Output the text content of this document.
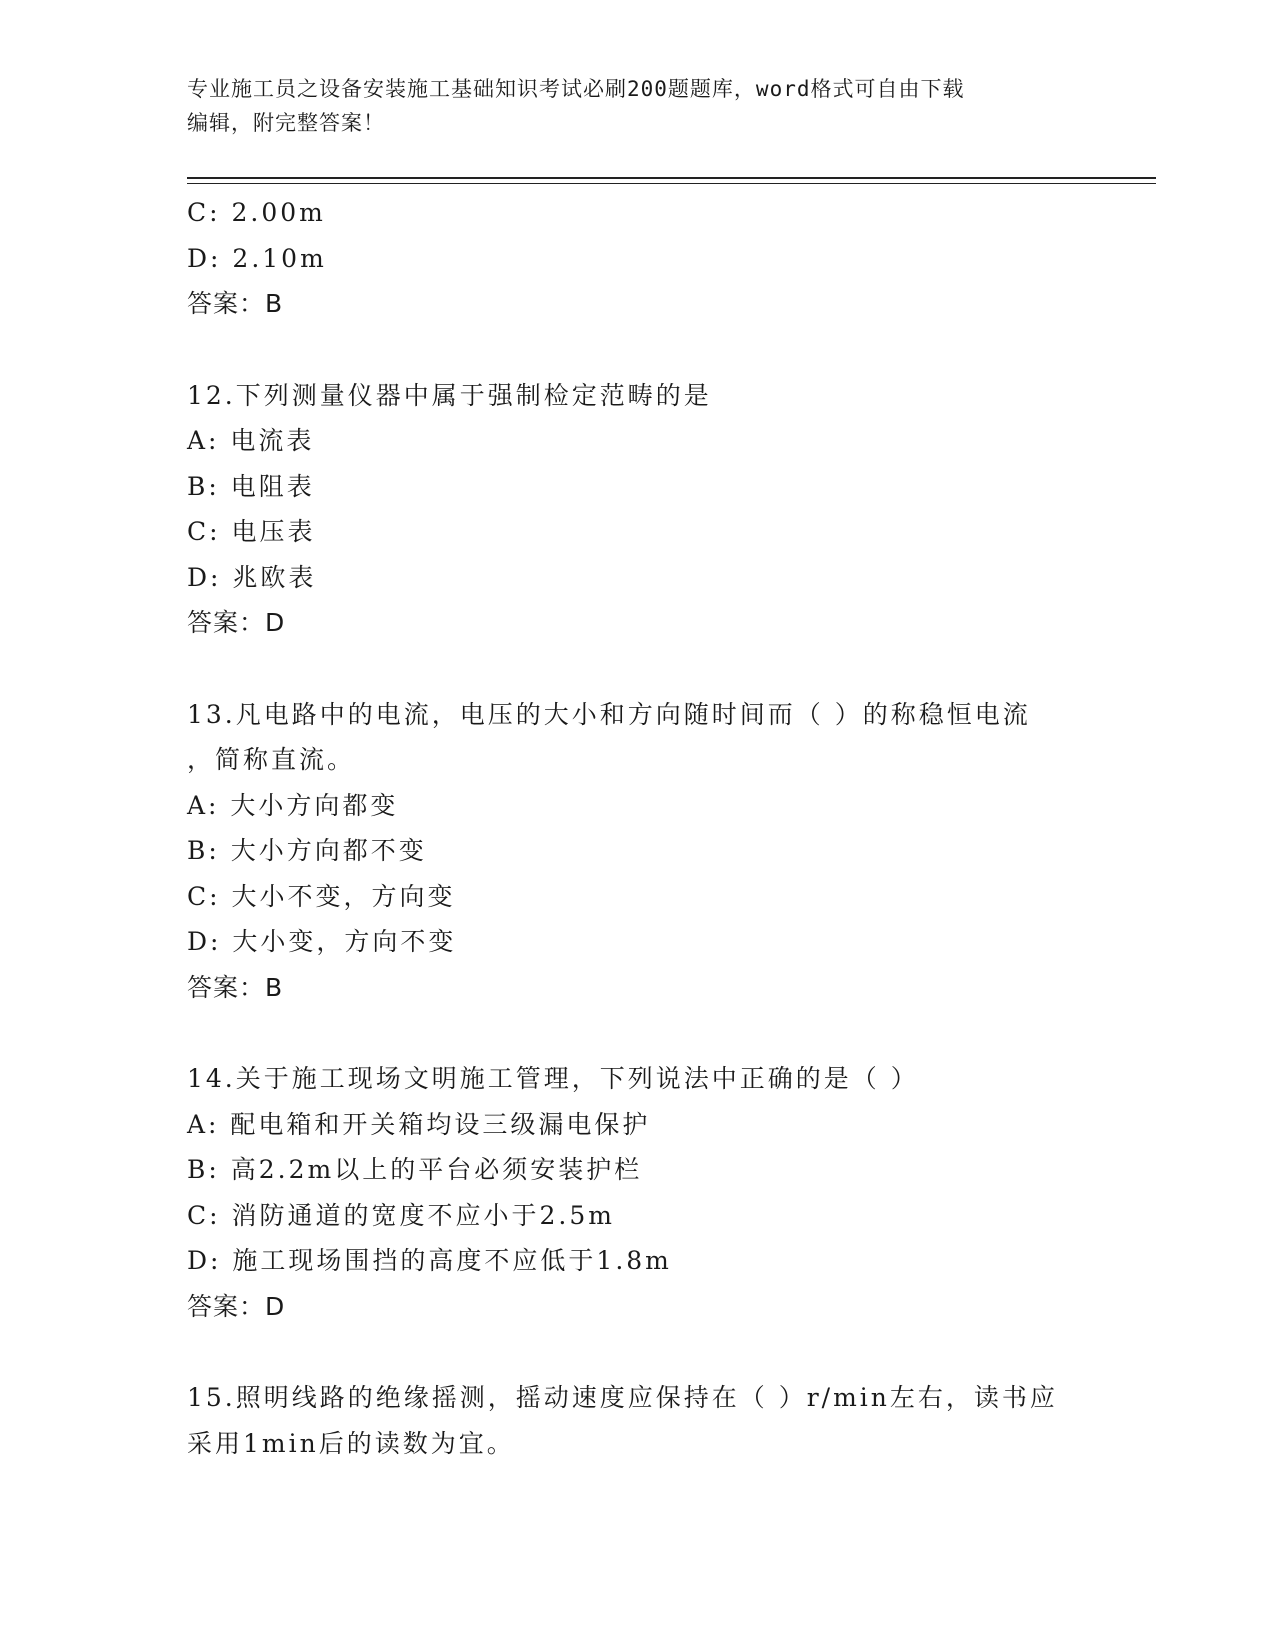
专业施工员之设备安装施工基础知识考试必刷200题题库，word格式可自由下载
编辑，附完整答案！
C: 2.00m
D: 2.10m
答案：B
12.下列测量仪器中属于强制检定范畴的是
A: 电流表
B: 电阻表
C: 电压表
D: 兆欧表
答案：D
13.凡电路中的电流，电压的大小和方向随时间而（ ）的称稳恒电流
，简称直流。
A: 大小方向都变
B: 大小方向都不变
C: 大小不变，方向变
D: 大小变，方向不变
答案：B
14.关于施工现场文明施工管理，下列说法中正确的是（ ）
A: 配电箱和开关箱均设三级漏电保护
B: 高2.2m以上的平台必须安装护栏
C: 消防通道的宽度不应小于2.5m
D: 施工现场围挡的高度不应低于1.8m
答案：D
15.照明线路的绝缘摇测，摇动速度应保持在（ ）r/min左右，读书应
采用1min后的读数为宜。
